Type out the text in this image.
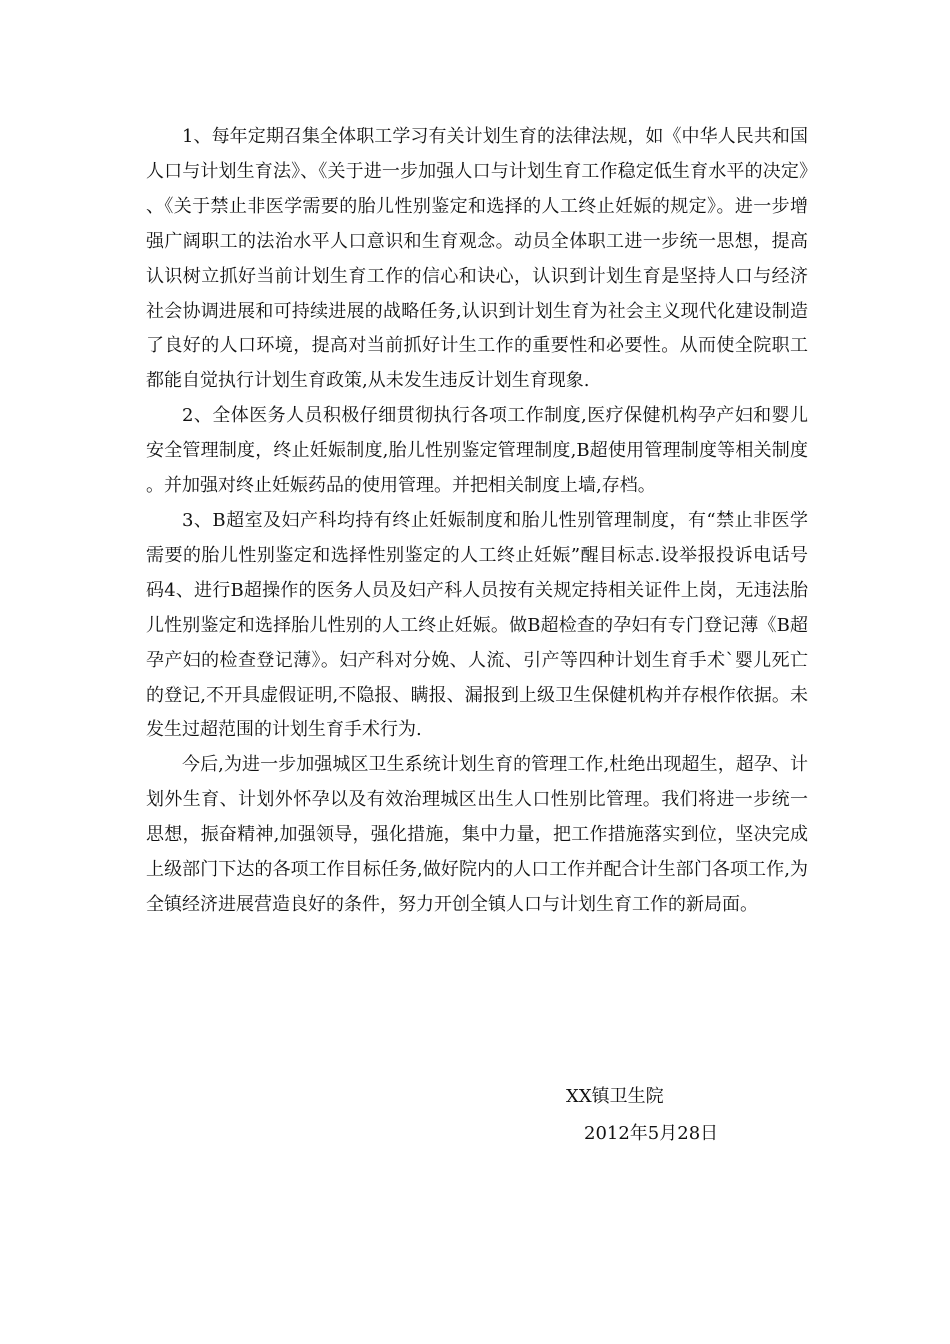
1、每年定期召集全体职工学习有关计划生育的法律法规，如《中华人民共和国人口与计划生育法》、《关于进一步加强人口与计划生育工作稳定低生育水平的决定》、《关于禁止非医学需要的胎儿性别鉴定和选择的人工终止妊娠的规定》。进一步增强广阔职工的法治水平人口意识和生育观念。动员全体职工进一步统一思想，提高认识树立抓好当前计划生育工作的信心和诀心，认识到计划生育是坚持人口与经济社会协调进展和可持续进展的战略任务,认识到计划生育为社会主义现代化建设制造了良好的人口环境，提高对当前抓好计生工作的重要性和必要性。从而使全院职工都能自觉执行计划生育政策,从未发生违反计划生育现象.

2、全体医务人员积极仔细贯彻执行各项工作制度,医疗保健机构孕产妇和婴儿安全管理制度，终止妊娠制度,胎儿性别鉴定管理制度,B超使用管理制度等相关制度。并加强对终止妊娠药品的使用管理。并把相关制度上墙,存档。

3、B超室及妇产科均持有终止妊娠制度和胎儿性别管理制度，有“禁止非医学需要的胎儿性别鉴定和选择性别鉴定的人工终止妊娠”醒目标志.设举报投诉电话号码4、进行B超操作的医务人员及妇产科人员按有关规定持相关证件上岗，无违法胎儿性别鉴定和选择胎儿性别的人工终止妊娠。做B超检查的孕妇有专门登记薄《B超孕产妇的检查登记薄》。妇产科对分娩、人流、引产等四种计划生育手术`婴儿死亡的登记,不开具虚假证明,不隐报、瞒报、漏报到上级卫生保健机构并存根作依据。未发生过超范围的计划生育手术行为.

今后,为进一步加强城区卫生系统计划生育的管理工作,杜绝出现超生，超孕、计划外生育、计划外怀孕以及有效治理城区出生人口性别比管理。我们将进一步统一思想，振奋精神,加强领导，强化措施，集中力量，把工作措施落实到位，坚决完成上级部门下达的各项工作目标任务,做好院内的人口工作并配合计生部门各项工作,为全镇经济进展营造良好的条件，努力开创全镇人口与计划生育工作的新局面。

XX镇卫生院
2012年5月28日
